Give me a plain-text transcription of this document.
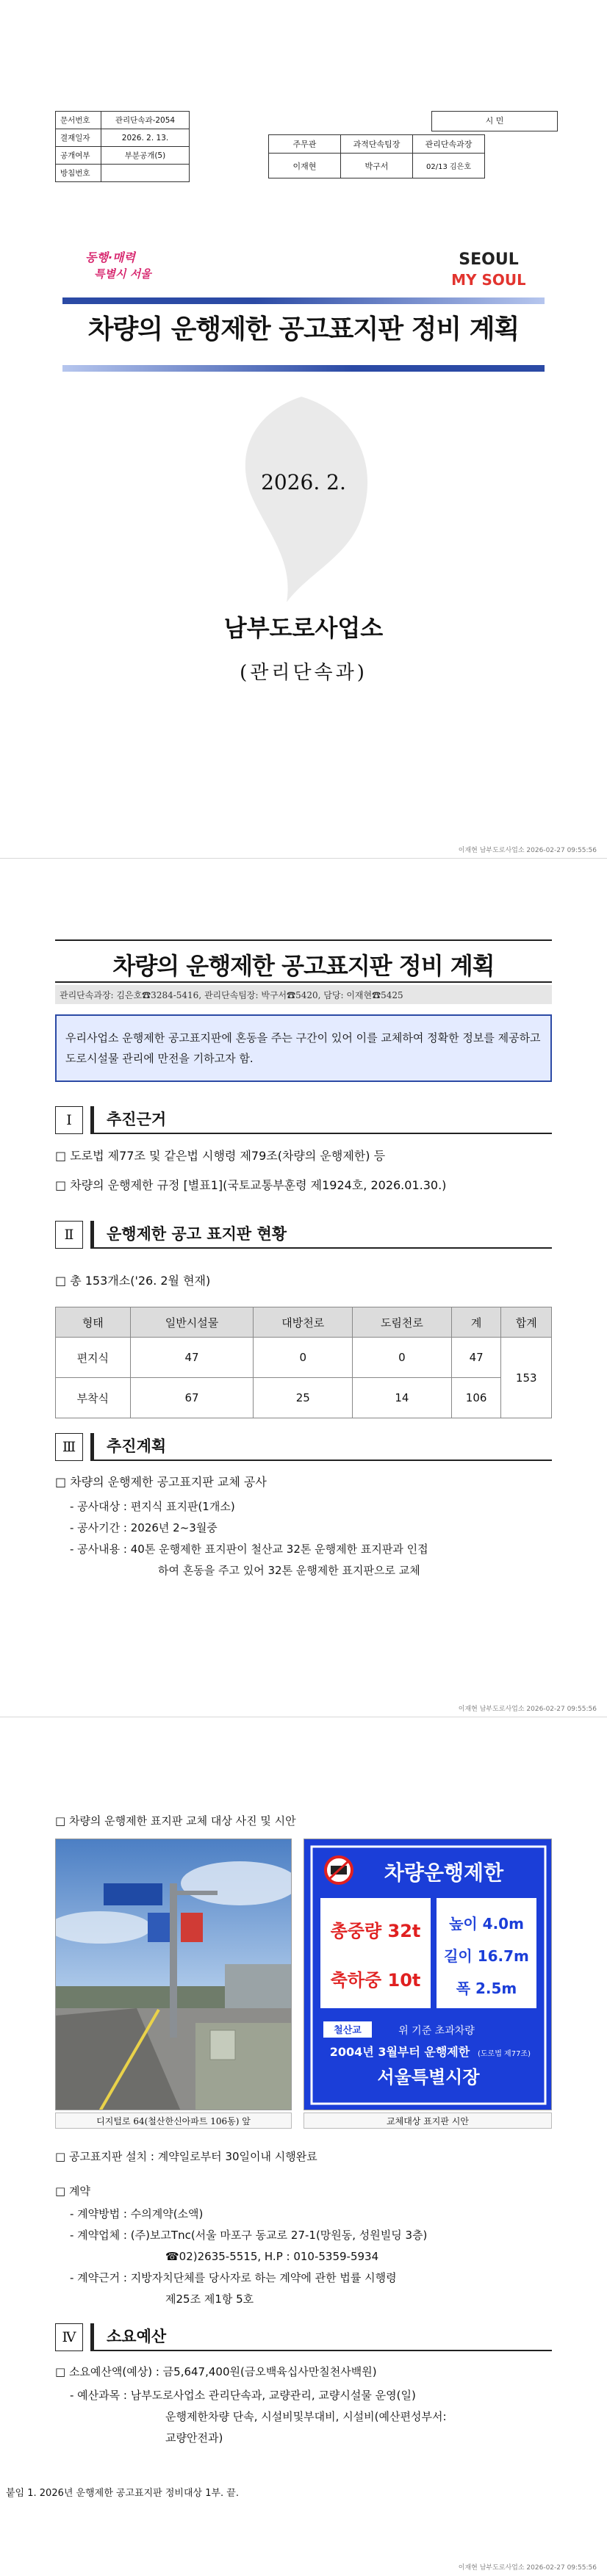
문서번호	관리단속과-2054
결재일자	2026. 2. 13.
공개여부	부분공개(5)
방침번호	
시 민
주무관	과적단속팀장	관리단속과장
이재현	박구서	02/13 김은호
동행·매력
특별시 서울
SEOUL
MY SOUL
차량의 운행제한 공고표지판 정비 계획
2026. 2.
남부도로사업소
(관리단속과)
이재현 남부도로사업소 2026-02-27 09:55:56
차량의 운행제한 공고표지판 정비 계획
관리단속과장: 김은호☎3284-5416, 관리단속팀장: 박구서☎5420, 담당: 이재현☎5425
우리사업소 운행제한 공고표지판에 혼동을 주는 구간이 있어 이를 교체하여 정확한 정보를 제공하고 도로시설물 관리에 만전을 기하고자 함.
Ⅰ	추진근거
□ 도로법 제77조 및 같은법 시행령 제79조(차량의 운행제한) 등
□ 차량의 운행제한 규정 [별표1](국토교통부훈령 제1924호, 2026.01.30.)
Ⅱ	운행제한 공고 표지판 현황
□ 총 153개소('26. 2월 현재)
형태	일반시설물	대방천로	도림천로	계	합계
편지식	47	0	0	47	153
부착식	67	25	14	106	
Ⅲ	추진계획
□ 차량의 운행제한 공고표지판 교체 공사
- 공사대상 : 편지식 표지판(1개소)
- 공사기간 : 2026년 2~3월중
- 공사내용 : 40톤 운행제한 표지판이 철산교 32톤 운행제한 표지판과 인접
하여 혼동을 주고 있어 32톤 운행제한 표지판으로 교체
이재현 남부도로사업소 2026-02-27 09:55:56
□ 차량의 운행제한 표지판 교체 대상 사진 및 시안
차량운행제한
총중량 32t
축하중 10t
높이 4.0m
길이 16.7m
폭 2.5m
철산교	위 기준 초과차량
2004년 3월부터 운행제한 (도로법 제77조)
서울특별시장
디지털로 64(철산한신아파트 106동) 앞	교체대상 표지판 시안
□ 공고표지판 설치 : 계약일로부터 30일이내 시행완료
□ 계약
- 계약방법 : 수의계약(소액)
- 계약업체 : (주)보고Tnc(서울 마포구 동교로 27-1(망원동, 성원빌딩 3층)
☎02)2635-5515, H.P : 010-5359-5934
- 계약근거 : 지방자치단체를 당사자로 하는 계약에 관한 법률 시행령
제25조 제1항 5호
Ⅳ	소요예산
□ 소요예산액(예상) : 금5,647,400원(금오백육십사만칠천사백원)
- 예산과목 : 남부도로사업소 관리단속과, 교량관리, 교량시설물 운영(일)
운행제한차량 단속, 시설비및부대비, 시설비(예산편성부서:
교량안전과)
붙임 1. 2026년 운행제한 공고표지판 정비대상 1부. 끝.
이재현 남부도로사업소 2026-02-27 09:55:56
